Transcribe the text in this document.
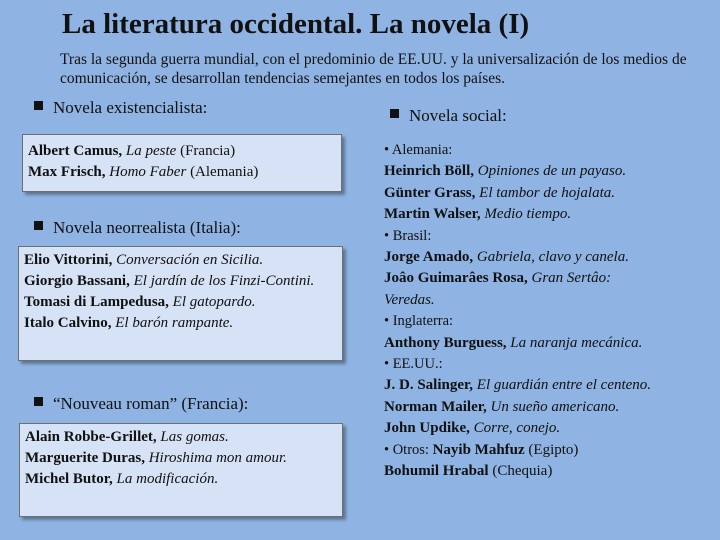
La literatura occidental. La novela (I)
Tras la segunda guerra mundial, con el predominio de EE.UU. y la universalización de los medios de comunicación, se desarrollan tendencias semejantes en todos los países.
Novela existencialista:
Albert Camus, La peste (Francia)
Max Frisch, Homo Faber (Alemania)
Novela neorrealista (Italia):
Elio Vittorini, Conversación en Sicilia.
Giorgio Bassani, El jardín de los Finzi-Contini.
Tomasi di Lampedusa, El gatopardo.
Italo Calvino, El barón rampante.
“Nouveau roman” (Francia):
Alain Robbe-Grillet, Las gomas.
Marguerite Duras, Hiroshima mon amour.
Michel Butor, La modificación.
Novela social:
• Alemania:
Heinrich Böll, Opiniones de un payaso.
Günter Grass, El tambor de hojalata.
Martin Walser, Medio tiempo.
• Brasil:
Jorge Amado, Gabriela, clavo y canela.
Joâo Guimarâes Rosa, Gran Sertâo:
Veredas.
• Inglaterra:
Anthony Burguess, La naranja mecánica.
• EE.UU.:
J. D. Salinger, El guardián entre el centeno.
Norman Mailer, Un sueño americano.
John Updike, Corre, conejo.
• Otros: Nayib Mahfuz (Egipto)
Bohumil Hrabal (Chequia)
